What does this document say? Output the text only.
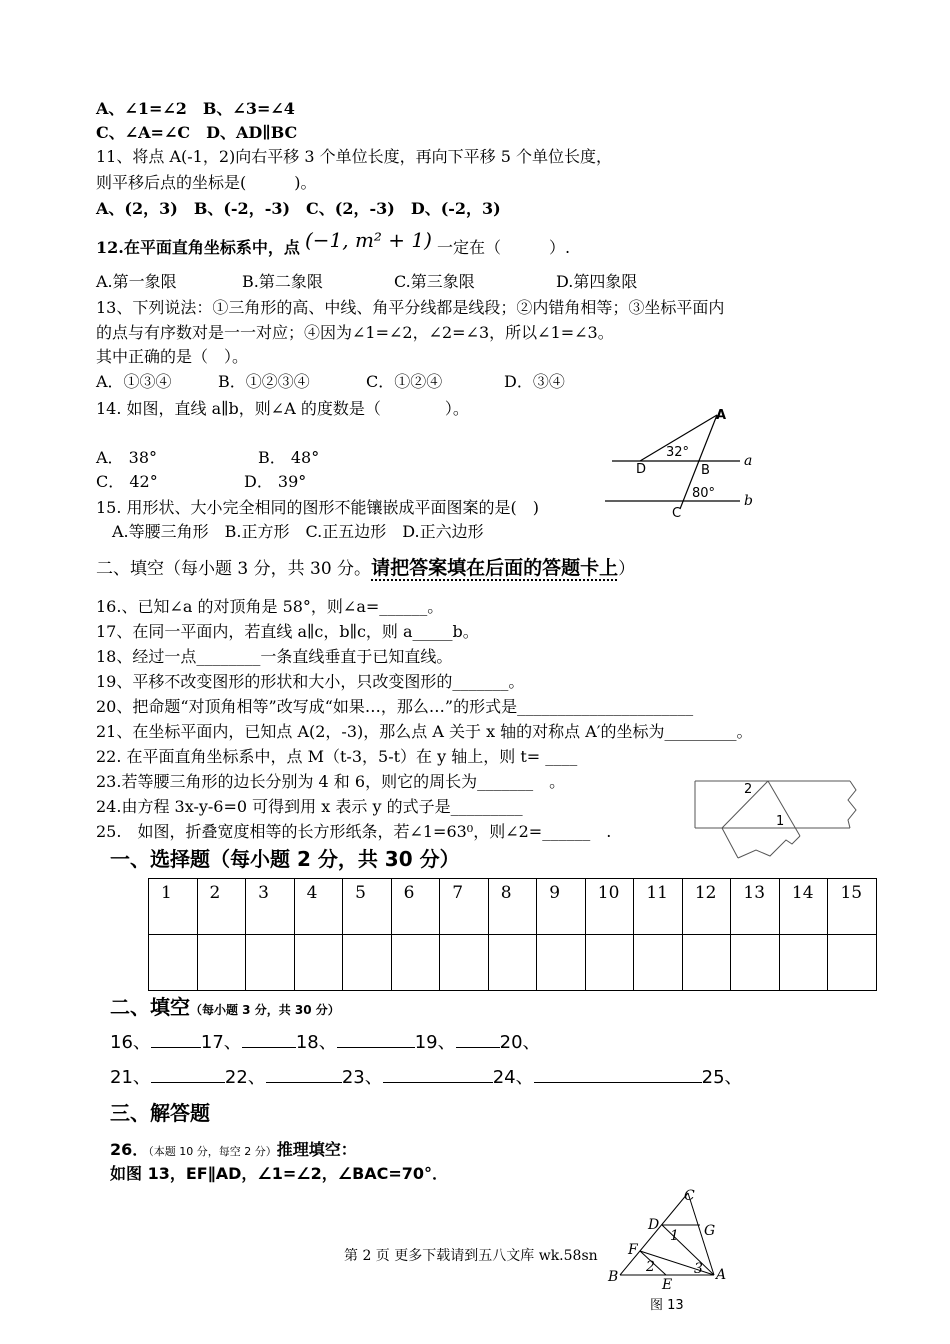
A、∠1=∠2　B、∠3=∠4
C、∠A=∠C　D、AD∥BC
11、将点 A(-1，2)向右平移 3 个单位长度，再向下平移 5 个单位长度，
则平移后点的坐标是(　　　)。
A、(2，3)　B、(-2，-3)　C、(2，-3)　D、(-2，3)
12.在平面直角坐标系中，点 (−1, m² + 1) 一定在（　　　）.
A.第一象限	B.第二象限	C.第三象限	D.第四象限
13、下列说法：①三角形的高、中线、角平分线都是线段；②内错角相等；③坐标平面内
的点与有序数对是一一对应；④因为∠1=∠2，∠2=∠3，所以∠1=∠3。
其中正确的是（　）。
A．①③④	B．①②③④	C．①②④	D．③④
14. 如图，直线 a∥b，则∠A 的度数是（　　　　）。
A． 38°	B． 48°
C． 42°	D． 39°
A
32°
D	B
a
80° b
C
15. 用形状、大小完全相同的图形不能镶嵌成平面图案的是(　)
A.等腰三角形　B.正方形　C.正五边形　D.正六边形
二、填空（每小题 3 分，共 30 分。请把答案填在后面的答题卡上）
16.、已知∠a 的对顶角是 58°，则∠a=______。
17、在同一平面内，若直线 a∥c，b∥c，则 a_____b。
18、经过一点________一条直线垂直于已知直线。
19、平移不改变图形的形状和大小，只改变图形的_______。
20、把命题“对顶角相等”改写成“如果…，那么…”的形式是______________________
21、在坐标平面内，已知点 A(2，-3)，那么点 A 关于 x 轴的对称点 A′的坐标为_________。
22. 在平面直角坐标系中，点 M（t-3，5-t）在 y 轴上，则 t= ____
23.若等腰三角形的边长分别为 4 和 6，则它的周长为_______　。
24.由方程 3x-y-6=0 可得到用 x 表示 y 的式子是_________
25.　如图，折叠宽度相等的长方形纸条，若∠1=63⁰，则∠2=______　.
2
1
一、选择题（每小题 2 分，共 30 分）
1	2	3	4	5	6	7	8	9	10	11	12	13	14	15

二、填空（每小题 3 分，共 30 分）
16、	17、	18、	19、 20、
21、	22、	23、	24、	25、
三、解答题
26．（本题 10 分，每空 2 分）推理填空：
如图 13，EF∥AD，∠1=∠2，∠BAC=70°．
C
D	G
1
F
2	3
B	A
E
图 13
第 2 页 更多下载请到五八文库 wk.58sn
